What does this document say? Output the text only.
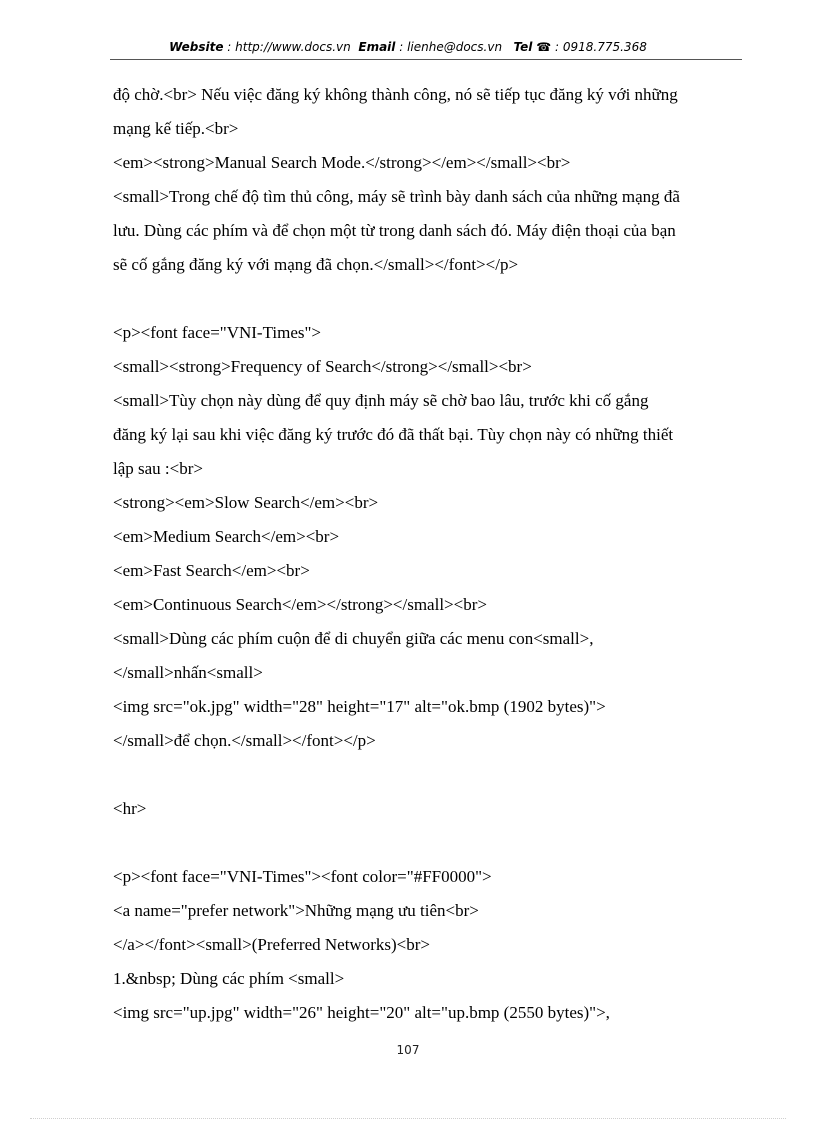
Website : http://www.docs.vn Email : lienhe@docs.vn Tel ☎ : 0918.775.368
độ chờ.<br> Nếu việc đăng ký không thành công, nó sẽ tiếp tục đăng ký với những
mạng kế tiếp.<br>
<em><strong>Manual Search Mode.</strong></em></small><br>
<small>Trong chế độ tìm thủ công, máy sẽ trình bày danh sách của những mạng đã
lưu. Dùng các phím và để chọn một từ trong danh sách đó. Máy điện thoại của bạn
sẽ cố gắng đăng ký với mạng đã chọn.</small></font></p>
<p><font face="VNI-Times">
<small><strong>Frequency of Search</strong></small><br>
<small>Tùy chọn này dùng để quy định máy sẽ chờ bao lâu, trước khi cố gắng
đăng ký lại sau khi việc đăng ký trước đó đã thất bại. Tùy chọn này có những thiết
lập sau :<br>
<strong><em>Slow Search</em><br>
<em>Medium Search</em><br>
<em>Fast Search</em><br>
<em>Continuous Search</em></strong></small><br>
<small>Dùng các phím cuộn để di chuyển giữa các menu con<small>,
</small>nhấn<small>
<img src="ok.jpg" width="28" height="17" alt="ok.bmp (1902 bytes)">
</small>để chọn.</small></font></p>
<hr>
<p><font face="VNI-Times"><font color="#FF0000">
<a name="prefer network">Những mạng ưu tiên<br>
</a></font><small>(Preferred Networks)<br>
1.&nbsp; Dùng các phím <small>
<img src="up.jpg" width="26" height="20" alt="up.bmp (2550 bytes)">,
107
